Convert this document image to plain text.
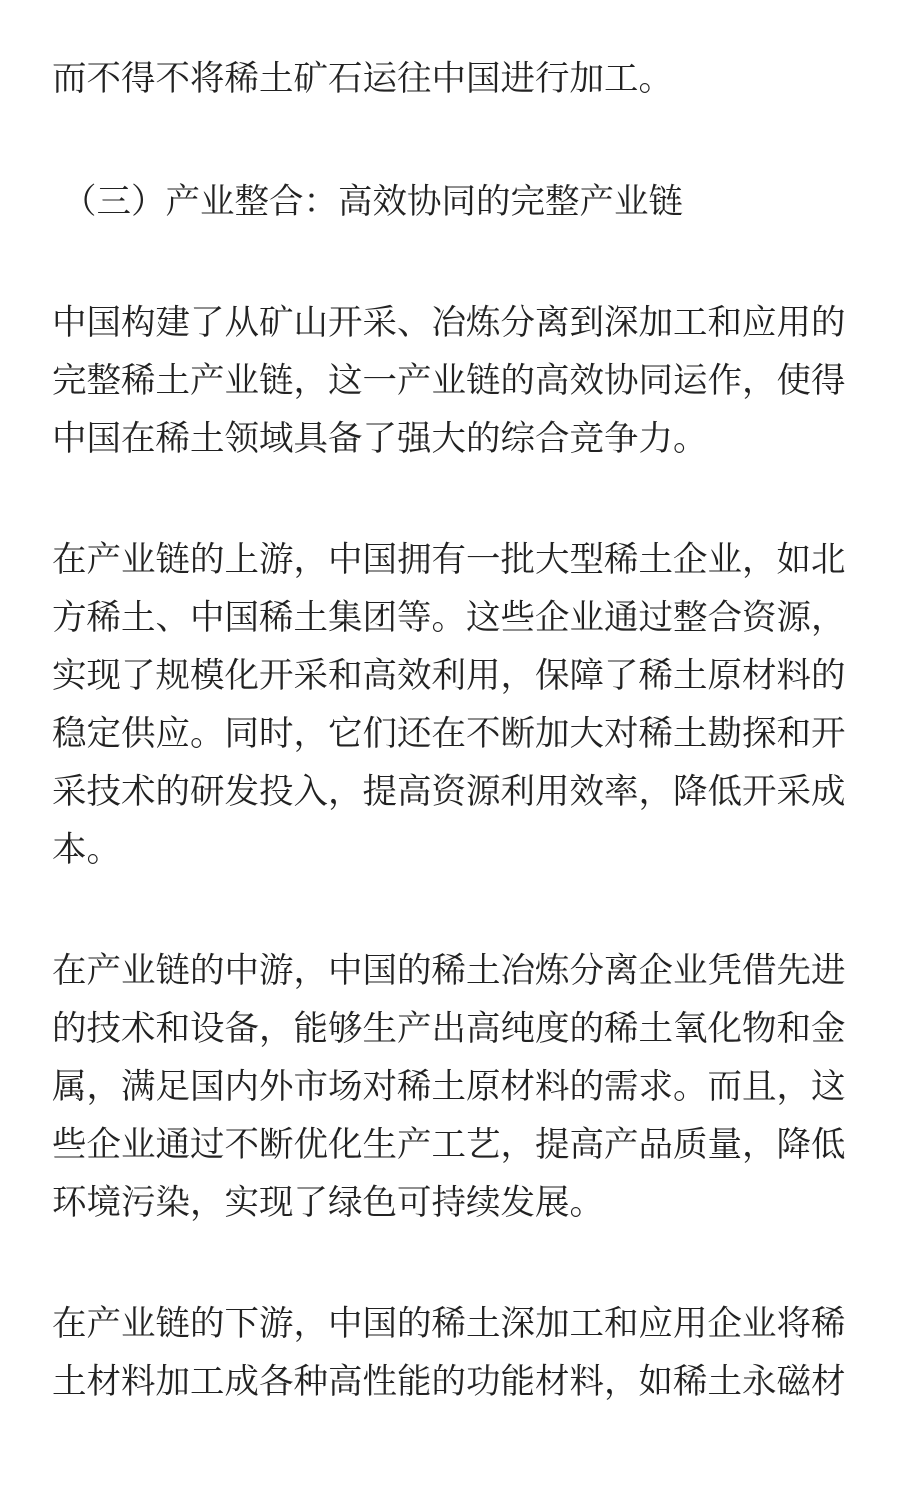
而不得不将稀土矿石运往中国进行加工。
（三）产业整合：高效协同的完整产业链
中国构建了从矿山开采、冶炼分离到深加工和应用的
完整稀土产业链，这一产业链的高效协同运作，使得
中国在稀土领域具备了强大的综合竞争力。
在产业链的上游，中国拥有一批大型稀土企业，如北
方稀土、中国稀土集团等。这些企业通过整合资源，
实现了规模化开采和高效利用，保障了稀土原材料的
稳定供应。同时，它们还在不断加大对稀土勘探和开
采技术的研发投入，提高资源利用效率，降低开采成
本。
在产业链的中游，中国的稀土冶炼分离企业凭借先进
的技术和设备，能够生产出高纯度的稀土氧化物和金
属，满足国内外市场对稀土原材料的需求。而且，这
些企业通过不断优化生产工艺，提高产品质量，降低
环境污染，实现了绿色可持续发展。
在产业链的下游，中国的稀土深加工和应用企业将稀
土材料加工成各种高性能的功能材料，如稀土永磁材
